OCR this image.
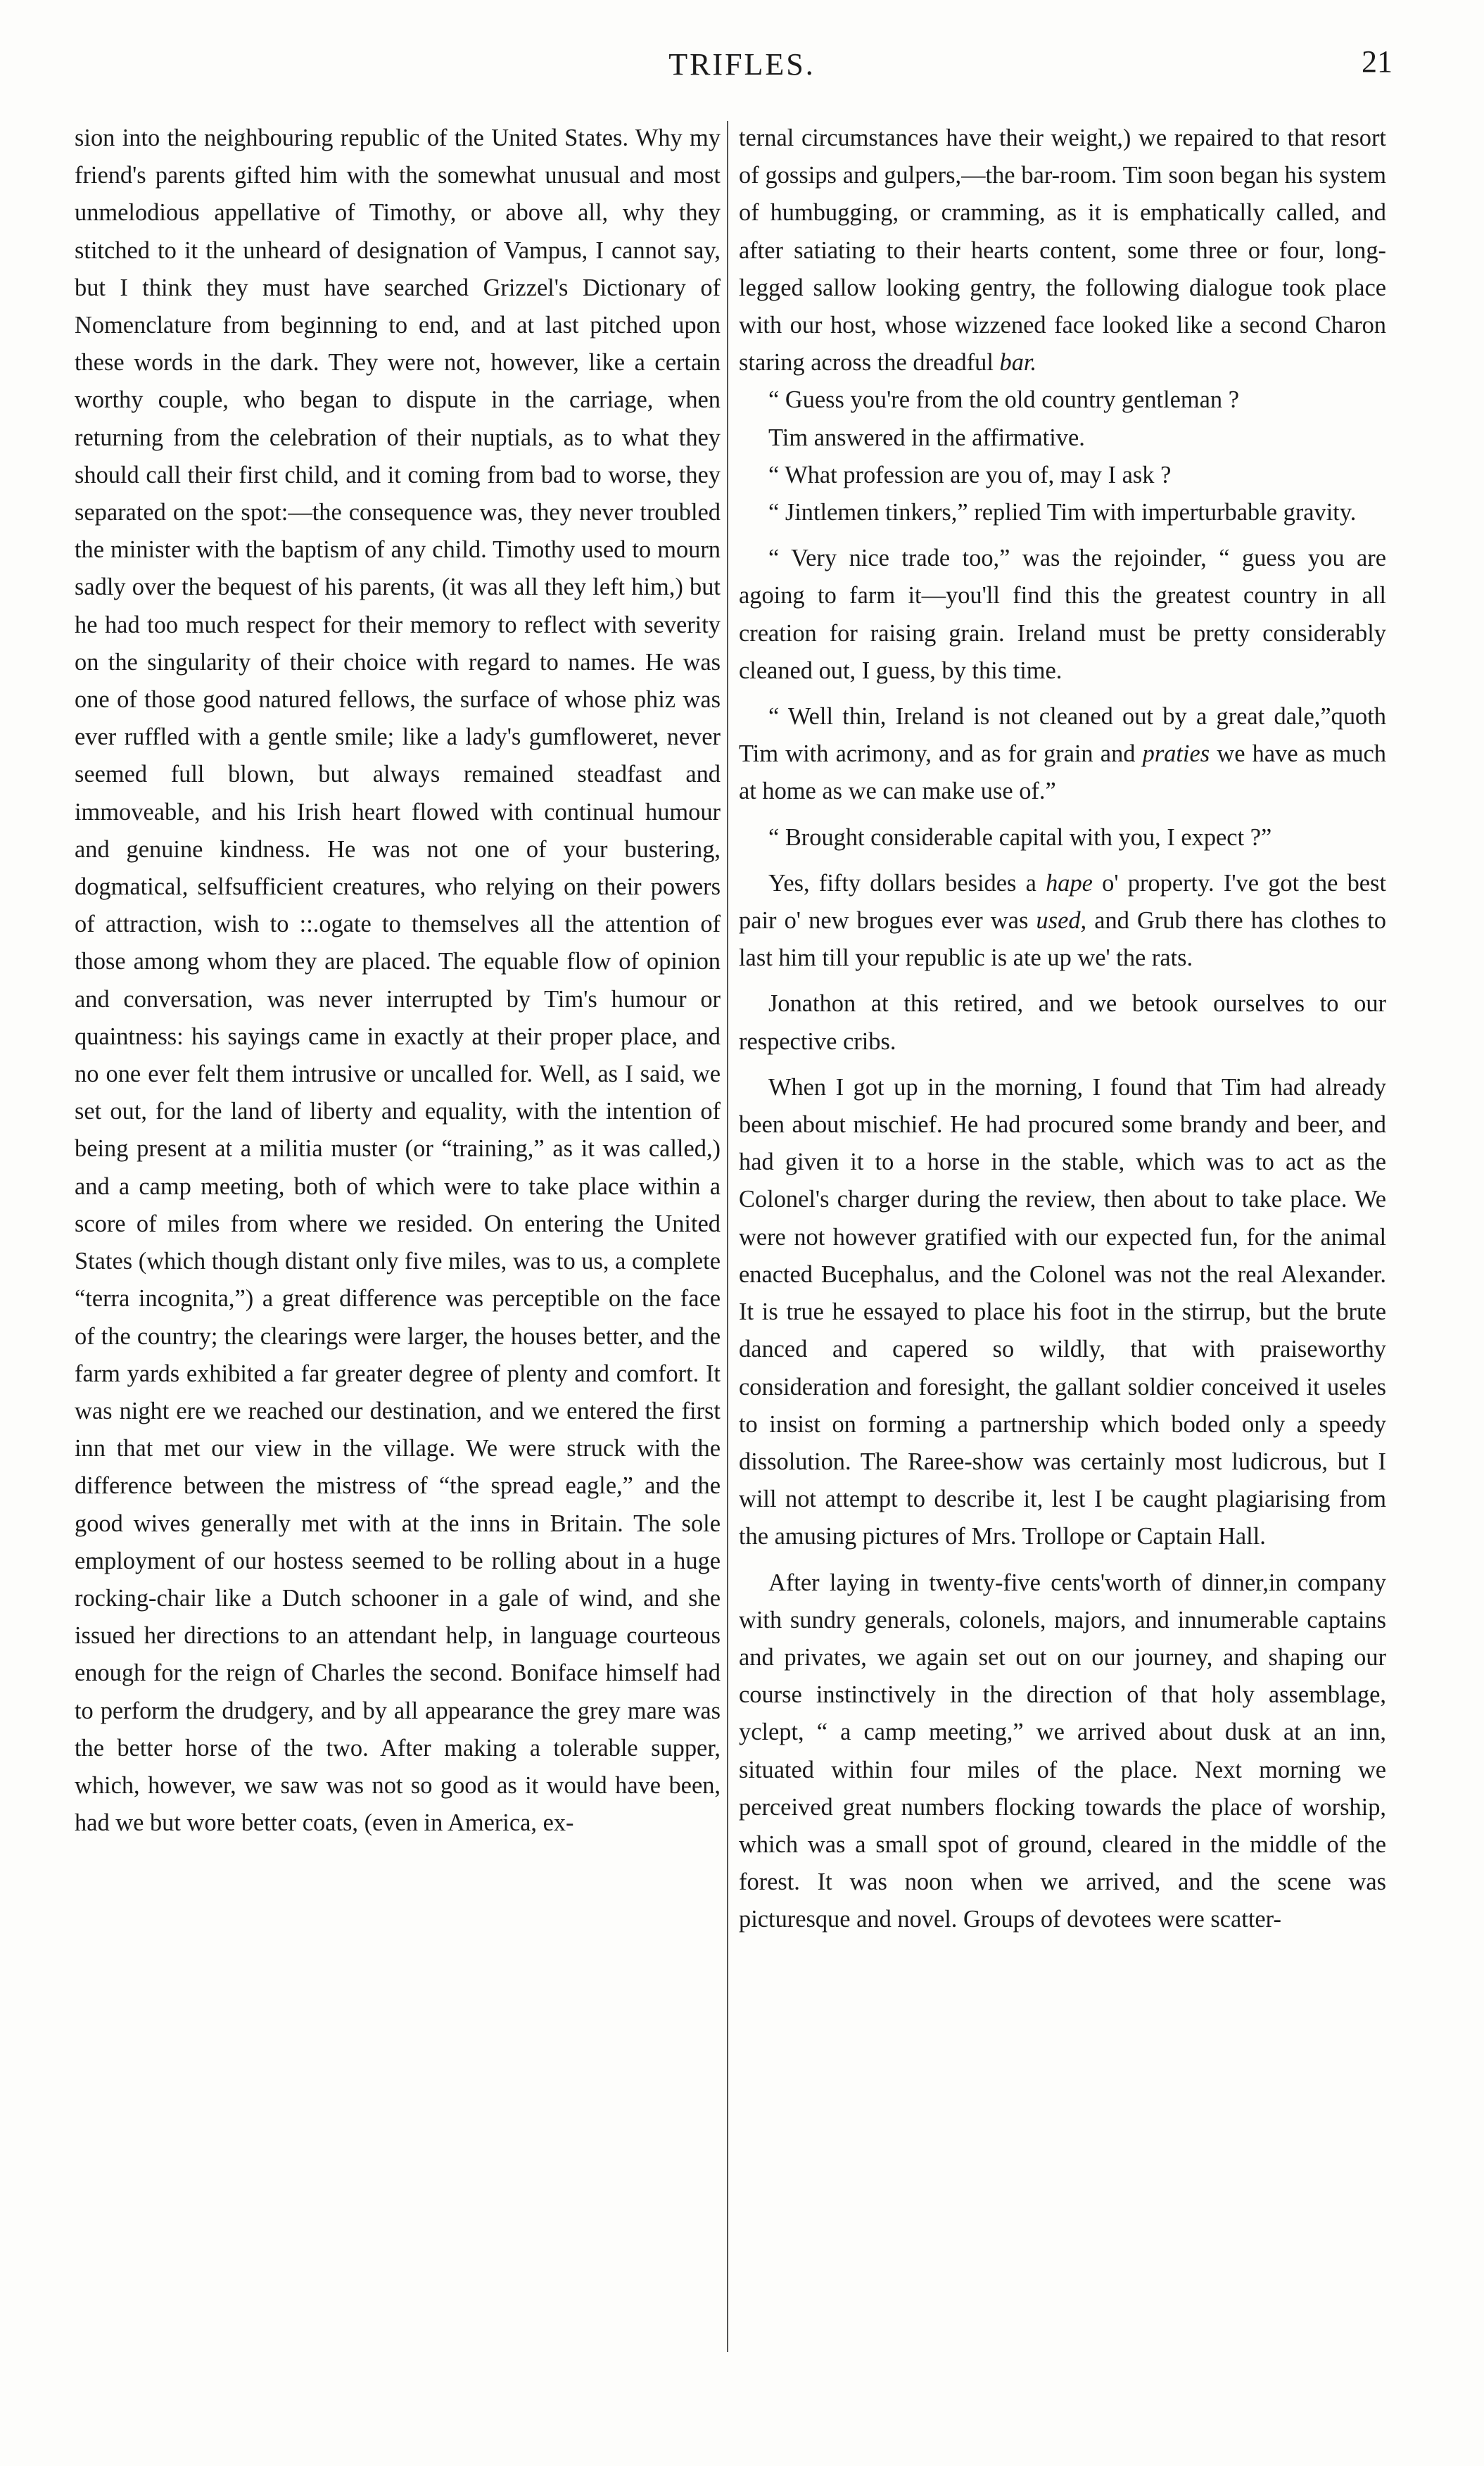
TRIFLES.	21

sion into the neighbouring republic of the United States. Why my friend's parents gifted him with the somewhat unusual and most unmelodious appellative of Timothy, or above all, why they stitched to it the unheard of designation of Vampus, I cannot say, but I think they must have searched Grizzel's Dictionary of Nomenclature from beginning to end, and at last pitched upon these words in the dark. They were not, however, like a certain worthy couple, who began to dispute in the carriage, when returning from the celebration of their nuptials, as to what they should call their first child, and it coming from bad to worse, they separated on the spot:—the consequence was, they never troubled the minister with the baptism of any child. Timothy used to mourn sadly over the bequest of his parents, (it was all they left him,) but he had too much respect for their memory to reflect with severity on the singularity of their choice with regard to names. He was one of those good natured fellows, the surface of whose phiz was ever ruffled with a gentle smile; like a lady's gumfloweret, never seemed full blown, but always remained steadfast and immoveable, and his Irish heart flowed with continual humour and genuine kindness. He was not one of your bustering, dogmatical, selfsufficient creatures, who relying on their powers of attraction, wish to ::.ogate to themselves all the attention of those among whom they are placed. The equable flow of opinion and conversation, was never interrupted by Tim's humour or quaintness: his sayings came in exactly at their proper place, and no one ever felt them intrusive or uncalled for. Well, as I said, we set out, for the land of liberty and equality, with the intention of being present at a militia muster (or “training,” as it was called,) and a camp meeting, both of which were to take place within a score of miles from where we resided. On entering the United States (which though distant only five miles, was to us, a complete “terra incognita,”) a great difference was perceptible on the face of the country; the clearings were larger, the houses better, and the farm yards exhibited a far greater degree of plenty and comfort. It was night ere we reached our destination, and we entered the first inn that met our view in the village. We were struck with the difference between the mistress of “the spread eagle,” and the good wives generally met with at the inns in Britain. The sole employment of our hostess seemed to be rolling about in a huge rocking-chair like a Dutch schooner in a gale of wind, and she issued her directions to an attendant help, in language courteous enough for the reign of Charles the second. Boniface himself had to perform the drudgery, and by all appearance the grey mare was the better horse of the two. After making a tolerable supper, which, however, we saw was not so good as it would have been, had we but wore better coats, (even in America, ex-

ternal circumstances have their weight,) we repaired to that resort of gossips and gulpers,—the bar-room. Tim soon began his system of humbugging, or cramming, as it is emphatically called, and after satiating to their hearts content, some three or four, long-legged sallow looking gentry, the following dialogue took place with our host, whose wizzened face looked like a second Charon staring across the dreadful bar.

“ Guess you're from the old country gentleman ?

Tim answered in the affirmative.

“ What profession are you of, may I ask ?

“ Jintlemen tinkers,” replied Tim with imperturbable gravity.

“ Very nice trade too,” was the rejoinder, “ guess you are agoing to farm it—you'll find this the greatest country in all creation for raising grain. Ireland must be pretty considerably cleaned out, I guess, by this time.

“ Well thin, Ireland is not cleaned out by a great dale,”quoth Tim with acrimony, and as for grain and praties we have as much at home as we can make use of.”

“ Brought considerable capital with you, I expect ?”

Yes, fifty dollars besides a hape o' property. I've got the best pair o' new brogues ever was used, and Grub there has clothes to last him till your republic is ate up we' the rats.

Jonathon at this retired, and we betook ourselves to our respective cribs.

When I got up in the morning, I found that Tim had already been about mischief. He had procured some brandy and beer, and had given it to a horse in the stable, which was to act as the Colonel's charger during the review, then about to take place. We were not however gratified with our expected fun, for the animal enacted Bucephalus, and the Colonel was not the real Alexander. It is true he essayed to place his foot in the stirrup, but the brute danced and capered so wildly, that with praiseworthy consideration and foresight, the gallant soldier conceived it useles to insist on forming a partnership which boded only a speedy dissolution. The Raree-show was certainly most ludicrous, but I will not attempt to describe it, lest I be caught plagiarising from the amusing pictures of Mrs. Trollope or Captain Hall.

After laying in twenty-five cents'worth of dinner,in company with sundry generals, colonels, majors, and innumerable captains and privates, we again set out on our journey, and shaping our course instinctively in the direction of that holy assemblage, yclept, “ a camp meeting,” we arrived about dusk at an inn, situated within four miles of the place. Next morning we perceived great numbers flocking towards the place of worship, which was a small spot of ground, cleared in the middle of the forest. It was noon when we arrived, and the scene was picturesque and novel. Groups of devotees were scatter-
